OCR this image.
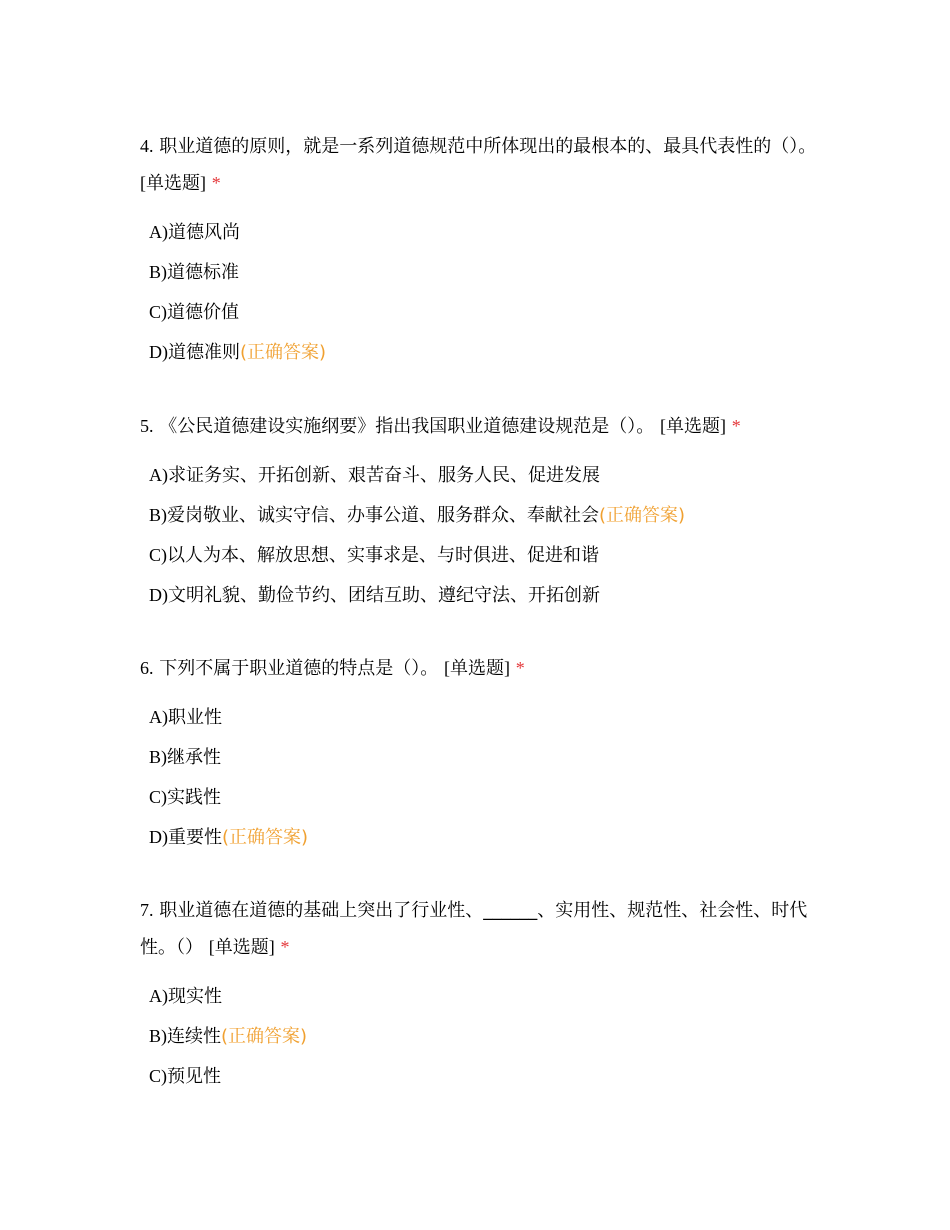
4. 职业道德的原则，就是一系列道德规范中所体现出的最根本的、最具代表性的（）。 [单选题] *

A)道德风尚
B)道德标准
C)道德价值
D)道德准则(正确答案)

5. 《公民道德建设实施纲要》指出我国职业道德建设规范是（）。 [单选题] *

A)求证务实、开拓创新、艰苦奋斗、服务人民、促进发展
B)爱岗敬业、诚实守信、办事公道、服务群众、奉献社会(正确答案)
C)以人为本、解放思想、实事求是、与时俱进、促进和谐
D)文明礼貌、勤俭节约、团结互助、遵纪守法、开拓创新

6. 下列不属于职业道德的特点是（）。 [单选题] *

A)职业性
B)继承性
C)实践性
D)重要性(正确答案)

7. 职业道德在道德的基础上突出了行业性、______、实用性、规范性、社会性、时代性。（） [单选题] *

A)现实性
B)连续性(正确答案)
C)预见性
